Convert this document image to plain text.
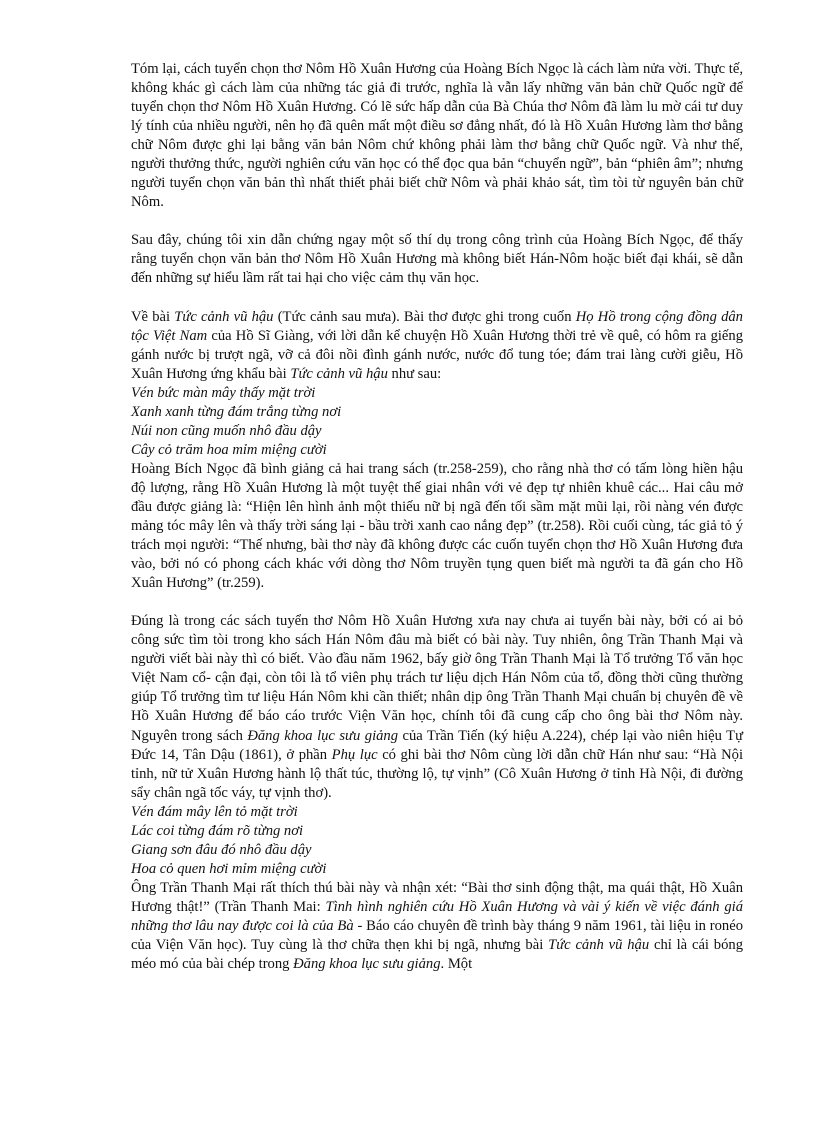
Tóm lại, cách tuyển chọn thơ Nôm Hồ Xuân Hương của Hoàng Bích Ngọc là cách làm nửa vời. Thực tế, không khác gì cách làm của những tác giả đi trước, nghĩa là vẫn lấy những văn bản chữ Quốc ngữ để tuyển chọn thơ Nôm Hồ Xuân Hương. Có lẽ sức hấp dẫn của Bà Chúa thơ Nôm đã làm lu mờ cái tư duy lý tính của nhiều người, nên họ đã quên mất một điều sơ đẳng nhất, đó là Hồ Xuân Hương làm thơ bằng chữ Nôm được ghi lại bằng văn bản Nôm chứ không phải làm thơ bằng chữ Quốc ngữ. Và như thế, người thưởng thức, người nghiên cứu văn học có thể đọc qua bản “chuyển ngữ”, bản “phiên âm”; nhưng người tuyển chọn văn bản thì nhất thiết phải biết chữ Nôm và phải khảo sát, tìm tòi từ nguyên bản chữ Nôm.

Sau đây, chúng tôi xin dẫn chứng ngay một số thí dụ trong công trình của Hoàng Bích Ngọc, để thấy rằng tuyển chọn văn bản thơ Nôm Hồ Xuân Hương mà không biết Hán-Nôm hoặc biết đại khái, sẽ dẫn đến những sự hiểu lầm rất tai hại cho việc cảm thụ văn học.

Về bài Tức cảnh vũ hậu (Tức cảnh sau mưa). Bài thơ được ghi trong cuốn Họ Hồ trong cộng đồng dân tộc Việt Nam của Hồ Sĩ Giàng, với lời dẫn kể chuyện Hồ Xuân Hương thời trẻ về quê, có hôm ra giếng gánh nước bị trượt ngã, vỡ cả đôi nồi đình gánh nước, nước đổ tung tóe; đám trai làng cười giễu, Hồ Xuân Hương ứng khẩu bài Tức cảnh vũ hậu như sau:

Vén bức màn mây thấy mặt trời

Xanh xanh từng đám trắng từng nơi

Núi non cũng muốn nhô đầu dậy

Cây cỏ trăm hoa mỉm miệng cười

Hoàng Bích Ngọc đã bình giảng cả hai trang sách (tr.258-259), cho rằng nhà thơ có tấm lòng hiền hậu độ lượng, rằng Hồ Xuân Hương là một tuyệt thế giai nhân với vẻ đẹp tự nhiên khuê các... Hai câu mở đầu được giảng là: “Hiện lên hình ảnh một thiếu nữ bị ngã đến tối sầm mặt mũi lại, rồi nàng vén được mảng tóc mây lên và thấy trời sáng lại - bầu trời xanh cao nắng đẹp” (tr.258). Rồi cuối cùng, tác giả tỏ ý trách mọi người: “Thế nhưng, bài thơ này đã không được các cuốn tuyển chọn thơ Hồ Xuân Hương đưa vào, bởi nó có phong cách khác với dòng thơ Nôm truyền tụng quen biết mà người ta đã gán cho Hồ Xuân Hương” (tr.259).

Đúng là trong các sách tuyển thơ Nôm Hồ Xuân Hương xưa nay chưa ai tuyển bài này, bởi có ai bỏ công sức tìm tòi trong kho sách Hán Nôm đâu mà biết có bài này. Tuy nhiên, ông Trần Thanh Mại và người viết bài này thì có biết. Vào đầu năm 1962, bấy giờ ông Trần Thanh Mại là Tổ trưởng Tổ văn học Việt Nam cổ- cận đại, còn tôi là tổ viên phụ trách tư liệu dịch Hán Nôm của tổ, đồng thời cũng thường giúp Tổ trưởng tìm tư liệu Hán Nôm khi cần thiết; nhân dịp ông Trần Thanh Mại chuẩn bị chuyên đề về Hồ Xuân Hương để báo cáo trước Viện Văn học, chính tôi đã cung cấp cho ông bài thơ Nôm này. Nguyên trong sách Đăng khoa lục sưu giảng của Trần Tiến (ký hiệu A.224), chép lại vào niên hiệu Tự Đức 14, Tân Dậu (1861), ở phần Phụ lục có ghi bài thơ Nôm cùng lời dẫn chữ Hán như sau: “Hà Nội tỉnh, nữ tử Xuân Hương hành lộ thất túc, thường lộ, tự vịnh” (Cô Xuân Hương ở tỉnh Hà Nội, đi đường sẩy chân ngã tốc váy, tự vịnh thơ).

Vén đám mây lên tỏ mặt trời

Lác coi từng đám rõ từng nơi

Giang sơn đâu đó nhô đầu dậy

Hoa cỏ quen hơi mỉm miệng cười

Ông Trần Thanh Mại rất thích thú bài này và nhận xét: “Bài thơ sinh động thật, ma quái thật, Hồ Xuân Hương thật!” (Trần Thanh Mai: Tình hình nghiên cứu Hồ Xuân Hương và vài ý kiến về việc đánh giá những thơ lâu nay được coi là của Bà - Báo cáo chuyên đề trình bày tháng 9 năm 1961, tài liệu in ronéo của Viện Văn học). Tuy cùng là thơ chữa thẹn khi bị ngã, nhưng bài Tức cảnh vũ hậu chỉ là cái bóng méo mó của bài chép trong Đăng khoa lục sưu giảng. Một
